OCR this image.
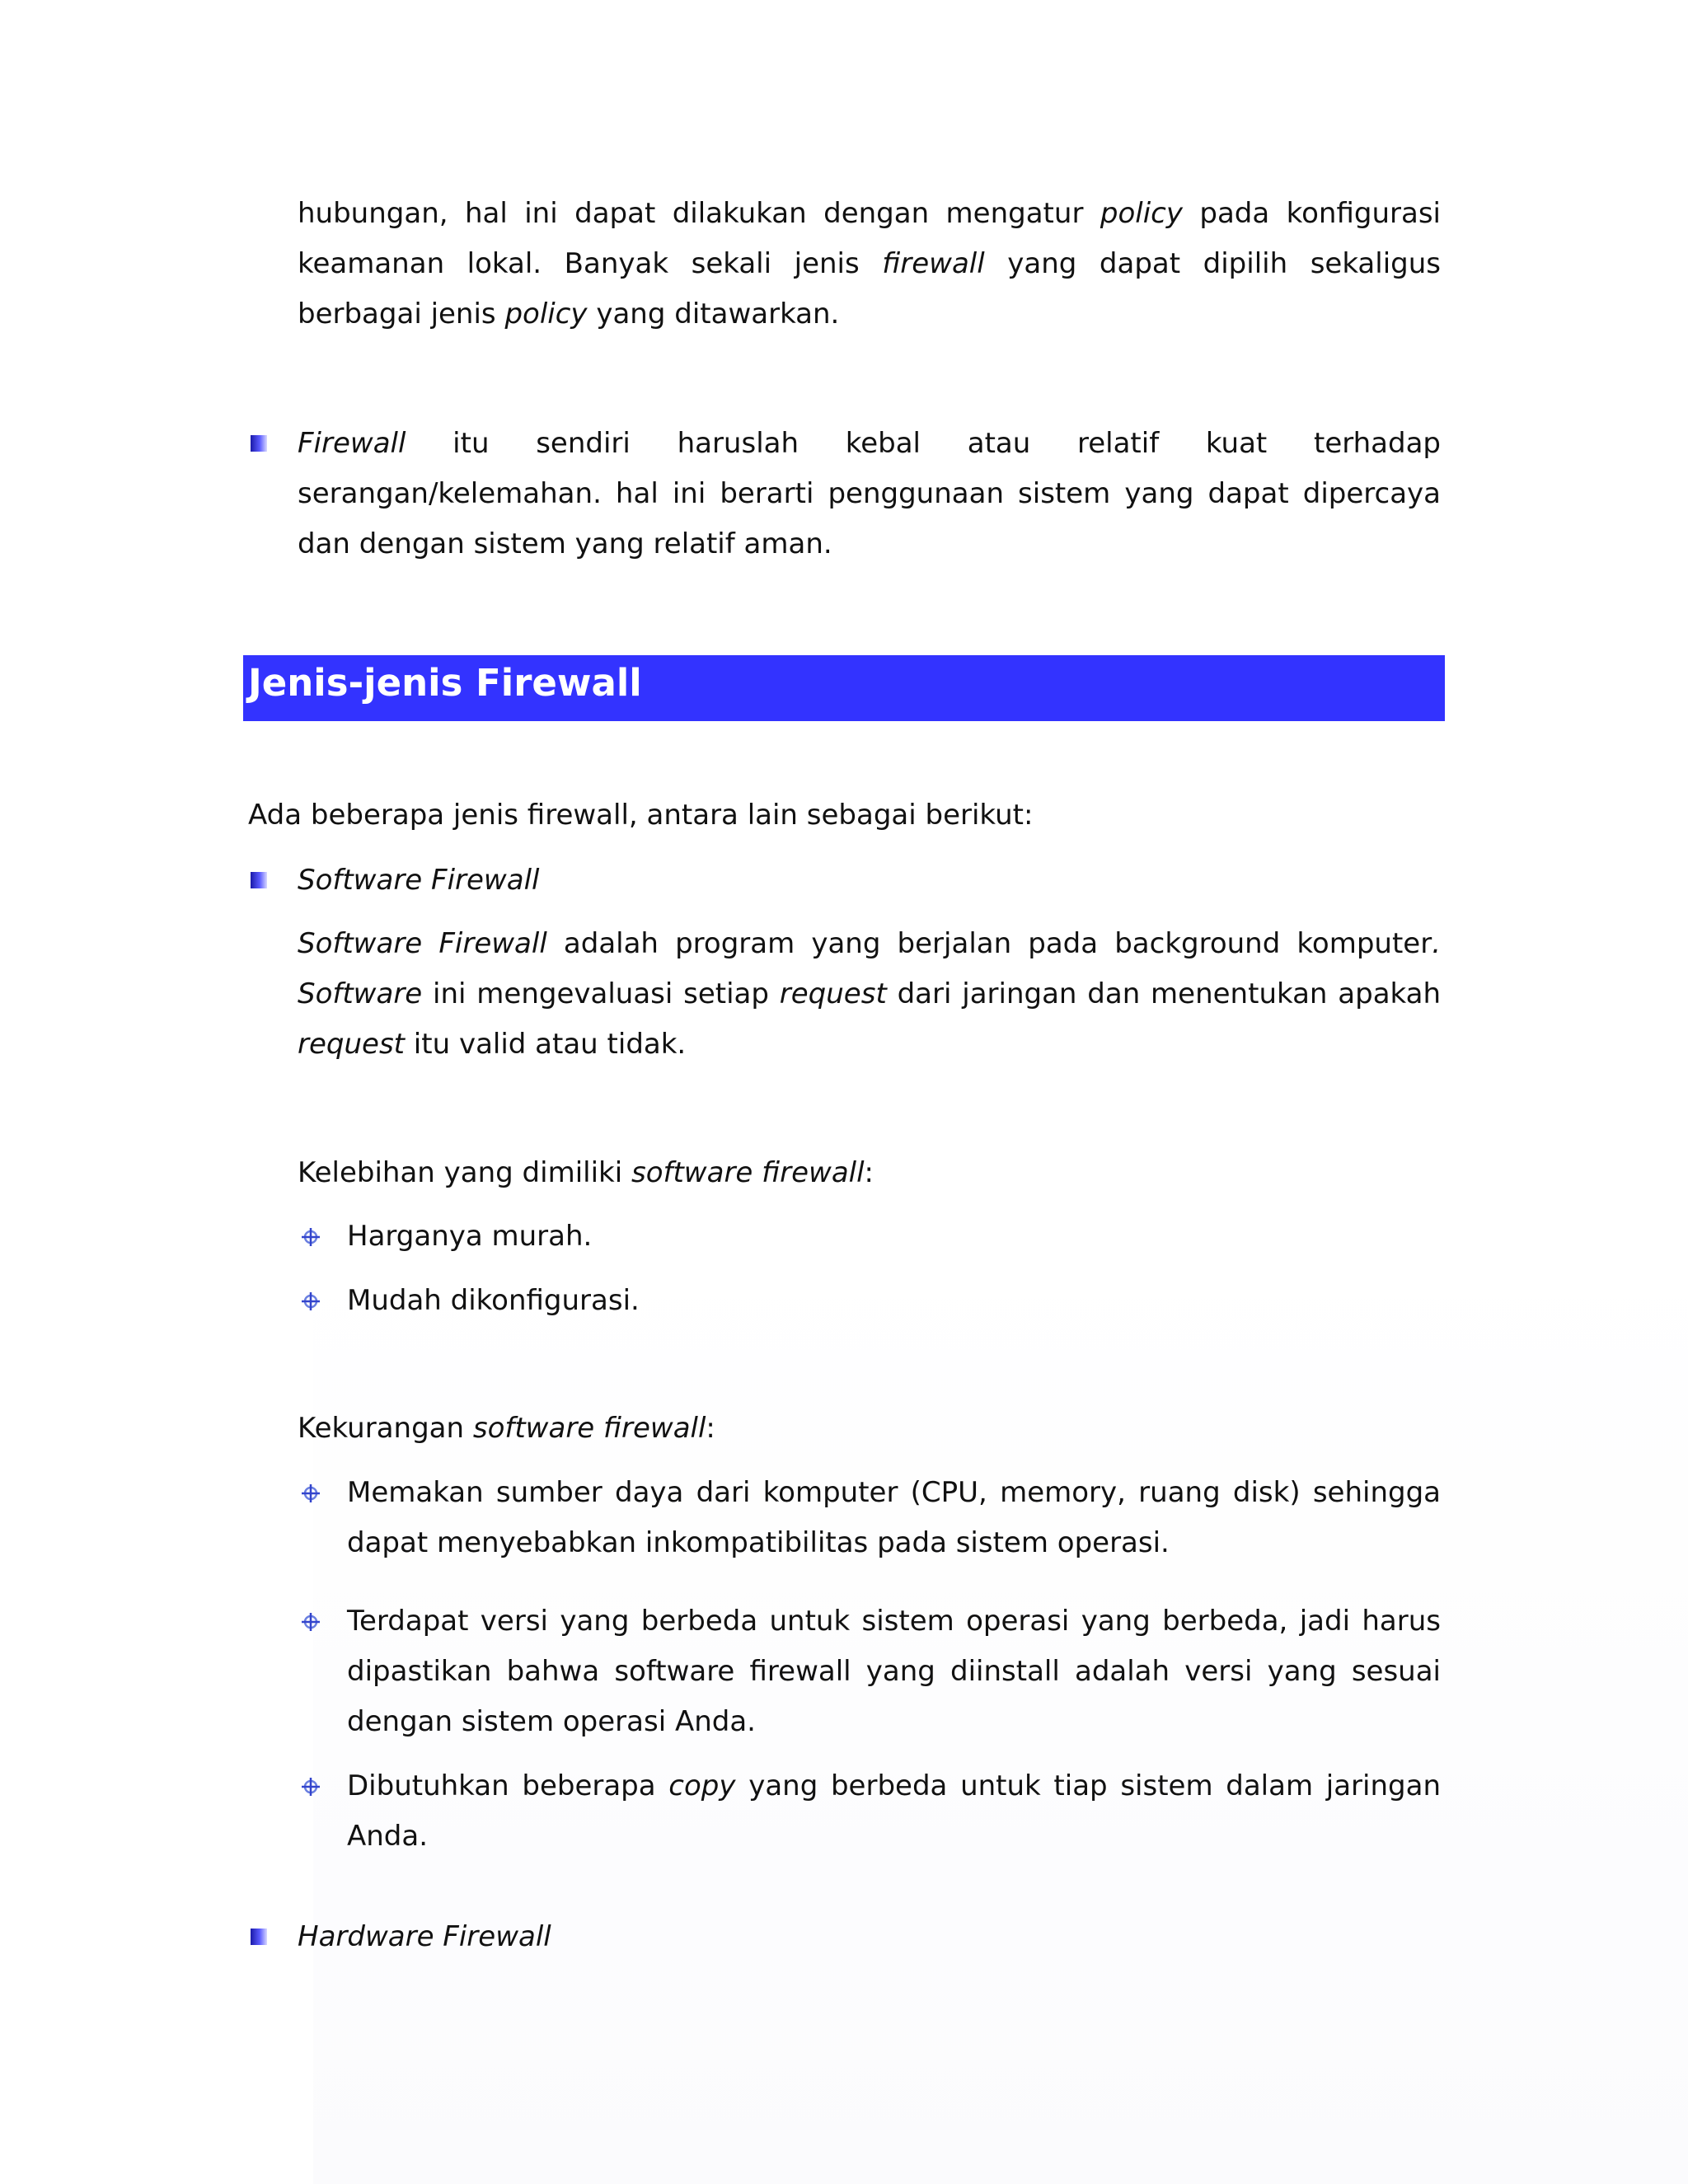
hubungan, hal ini dapat dilakukan dengan mengatur policy pada konfigurasi keamanan lokal. Banyak sekali jenis firewall yang dapat dipilih sekaligus berbagai jenis policy yang ditawarkan.

Firewall itu sendiri haruslah kebal atau relatif kuat terhadap serangan/kelemahan. hal ini berarti penggunaan sistem yang dapat dipercaya dan dengan sistem yang relatif aman.

Jenis-jenis Firewall

Ada beberapa jenis firewall, antara lain sebagai berikut:

Software Firewall

Software Firewall adalah program yang berjalan pada background komputer. Software ini mengevaluasi setiap request dari jaringan dan menentukan apakah request itu valid atau tidak.

Kelebihan yang dimiliki software firewall:

Harganya murah.

Mudah dikonfigurasi.

Kekurangan software firewall:

Memakan sumber daya dari komputer (CPU, memory, ruang disk) sehingga dapat menyebabkan inkompatibilitas pada sistem operasi.

Terdapat versi yang berbeda untuk sistem operasi yang berbeda, jadi harus dipastikan bahwa software firewall yang diinstall adalah versi yang sesuai dengan sistem operasi Anda.

Dibutuhkan beberapa copy yang berbeda untuk tiap sistem dalam jaringan Anda.

Hardware Firewall
